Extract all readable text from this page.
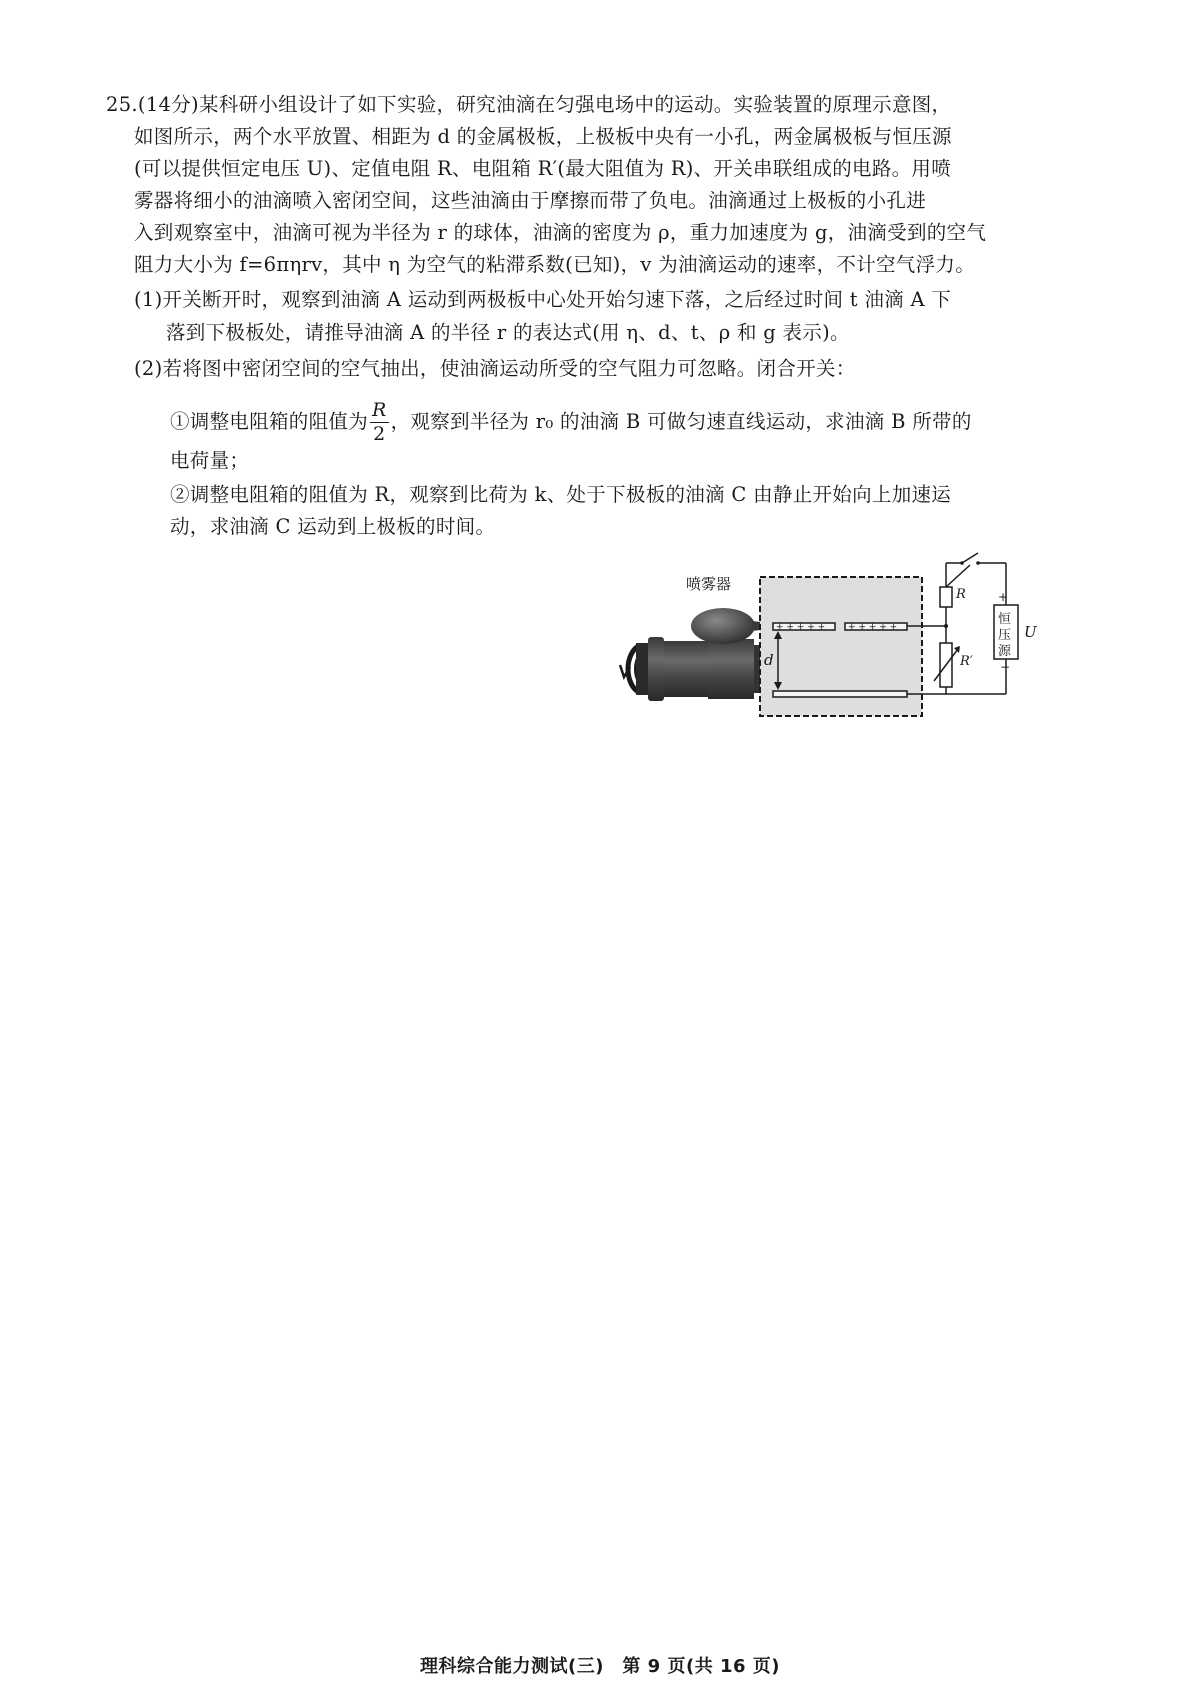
25.(14分)某科研小组设计了如下实验，研究油滴在匀强电场中的运动。实验装置的原理示意图，
如图所示，两个水平放置、相距为 d 的金属极板，上极板中央有一小孔，两金属极板与恒压源
(可以提供恒定电压 U)、定值电阻 R、电阻箱 R′(最大阻值为 R)、开关串联组成的电路。用喷
雾器将细小的油滴喷入密闭空间，这些油滴由于摩擦而带了负电。油滴通过上极板的小孔进
入到观察室中，油滴可视为半径为 r 的球体，油滴的密度为 ρ，重力加速度为 g，油滴受到的空气
阻力大小为 f=6πηrv，其中 η 为空气的粘滞系数(已知)，v 为油滴运动的速率，不计空气浮力。
(1)开关断开时，观察到油滴 A 运动到两极板中心处开始匀速下落，之后经过时间 t 油滴 A 下
落到下极板处，请推导油滴 A 的半径 r 的表达式(用 η、d、t、ρ 和 g 表示)。
(2)若将图中密闭空间的空气抽出，使油滴运动所受的空气阻力可忽略。闭合开关：
①调整电阻箱的阻值为 $\frac{R}{2}$ ，观察到半径为 r₀ 的油滴 B 可做匀速直线运动，求油滴 B 所带的
电荷量；
②调整电阻箱的阻值为 R，观察到比荷为 k、处于下极板的油滴 C 由静止开始向上加速运
动，求油滴 C 运动到上极板的时间。
喷雾器
+ + + + +	+ + + + +
d
R
R′
恒
压
源
+
−
U
理科综合能力测试(三)　第 9 页(共 16 页)
